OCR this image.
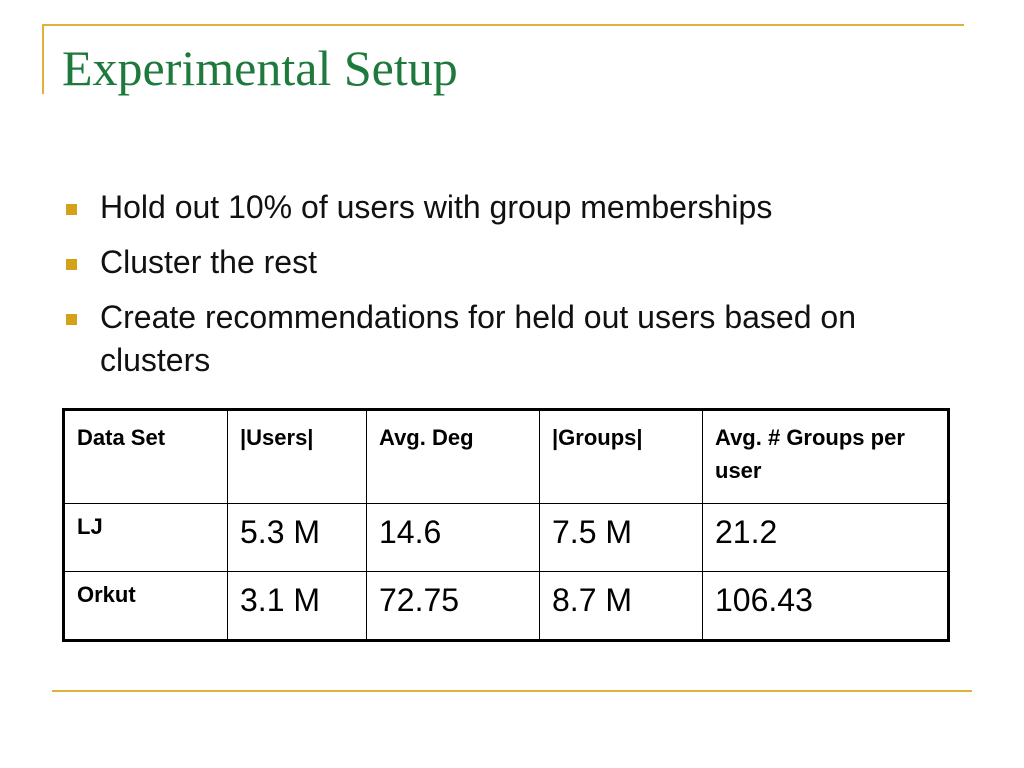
Experimental Setup
Hold out 10% of users with group memberships
Cluster the rest
Create recommendations for held out users based on clusters
Data Set	|Users|	Avg. Deg	|Groups|	Avg. # Groups per user
LJ	5.3 M	14.6	7.5 M	21.2
Orkut	3.1 M	72.75	8.7 M	106.43
